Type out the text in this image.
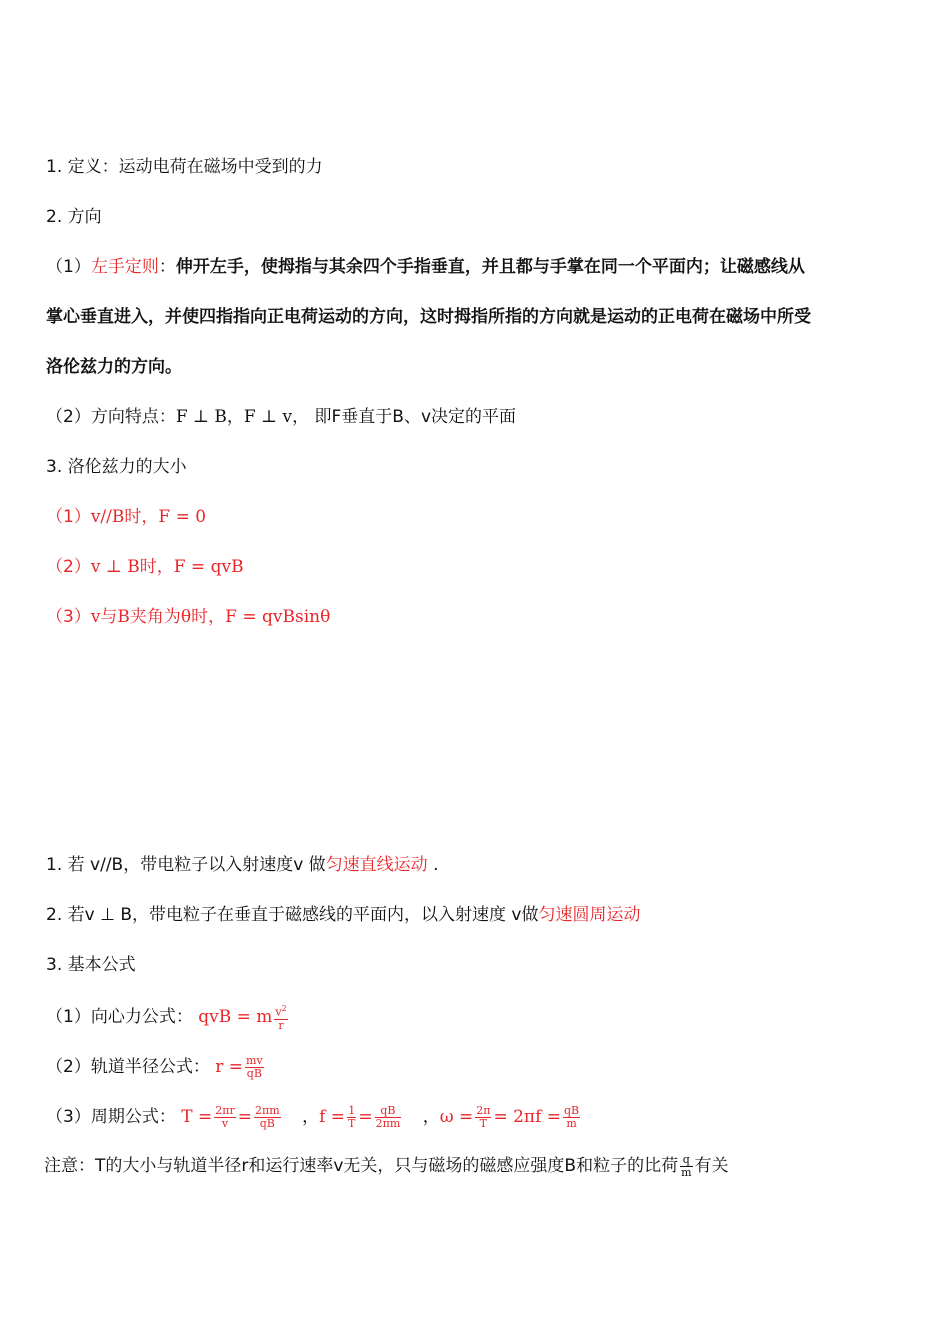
1. 定义：运动电荷在磁场中受到的力
2. 方向
（1）左手定则：伸开左手，使拇指与其余四个手指垂直，并且都与手掌在同一个平面内；让磁感线从
掌心垂直进入，并使四指指向正电荷运动的方向，这时拇指所指的方向就是运动的正电荷在磁场中所受
洛伦兹力的方向。
（2）方向特点：F ⊥ B，F ⊥ v， 即F垂直于B、v决定的平面
3. 洛伦兹力的大小
（1）v//B时，F = 0
（2）v ⊥ B时，F = qvB
（3）v与B夹角为θ时，F = qvBsinθ
1. 若 v//B，带电粒子以入射速度v 做匀速直线运动 .
2. 若v ⊥ B，带电粒子在垂直于磁感线的平面内，以入射速度 v做匀速圆周运动
3. 基本公式
（1）向心力公式： qvB = m $\frac{v^2}{r}$
（2）轨道半径公式： $r = \frac{mv}{qB}$
（3）周期公式： $T = \frac{2\pi r}{v} = \frac{2\pi m}{qB}$ ，$f = \frac{1}{T} = \frac{qB}{2\pi m}$ ，$\omega = \frac{2\pi}{T} = 2\pi f = \frac{qB}{m}$
注意：T的大小与轨道半径r和运行速率v无关，只与磁场的磁感应强度B和粒子的比荷 $\frac{q}{m}$ 有关
